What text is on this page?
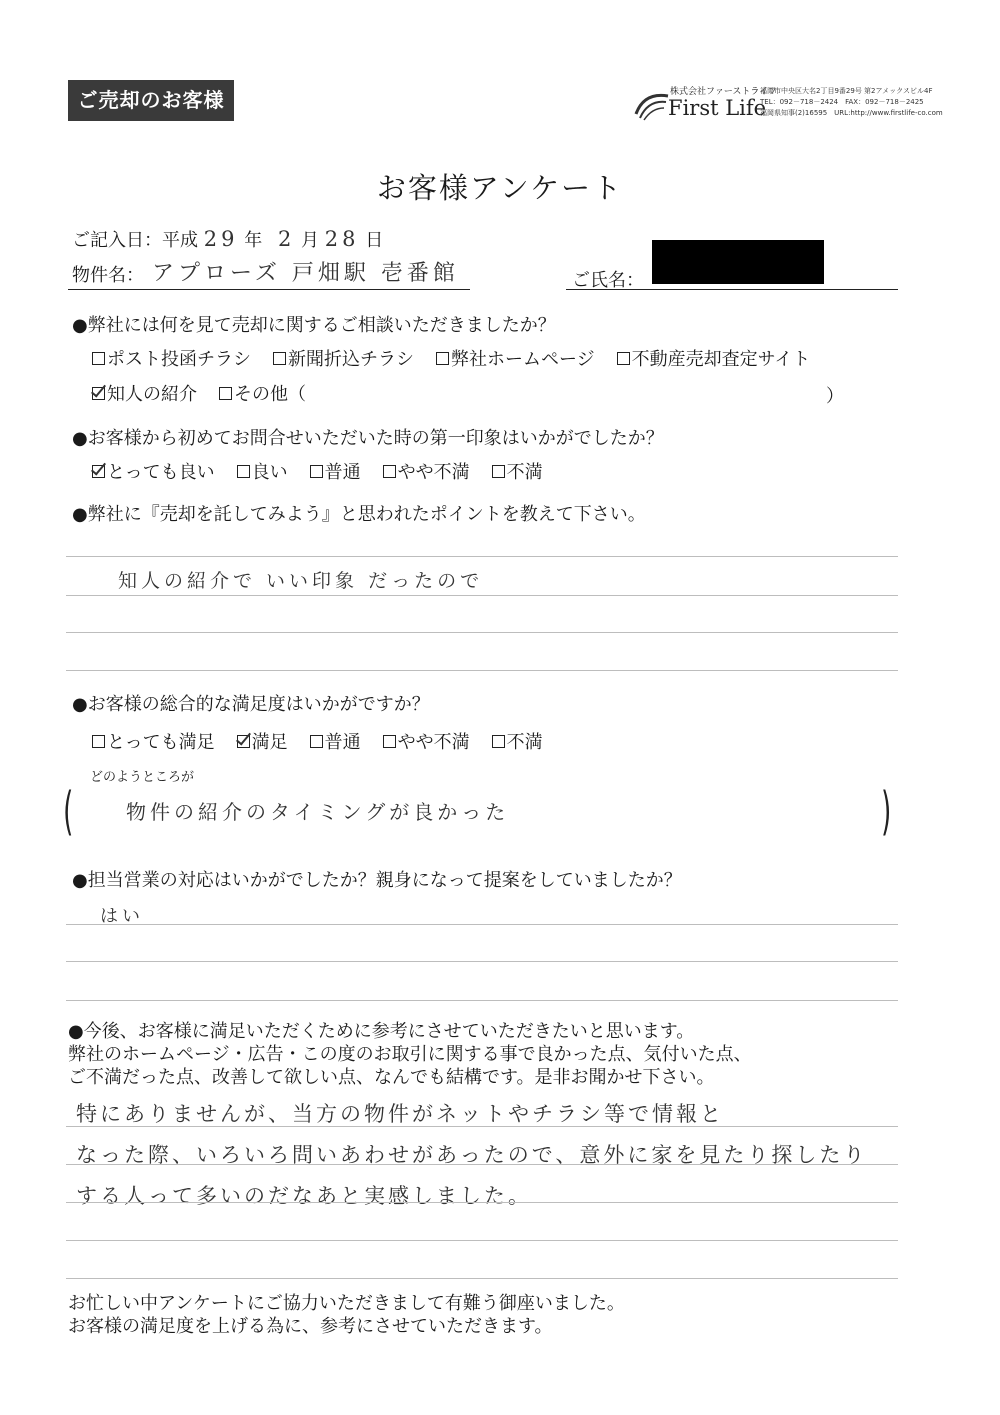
ご売却のお客様	株式会社ファーストライフ
First Life
福岡市中央区大名2丁目9番29号 第2アメックスビル4F
TEL：092－718－2424　FAX：092－718－2425
福岡県知事(2)16595　URL:http://www.firstlife-co.com
お客様アンケート
ご記入日：平成 29 年 2 月 28 日
物件名： アプローズ 戸畑駅 壱番館	ご氏名：
●弊社には何を見て売却に関するご相談いただきましたか？
ポスト投函チラシ 新聞折込チラシ 弊社ホームページ 不動産売却査定サイト
知人の紹介 その他（	）
●お客様から初めてお問合せいただいた時の第一印象はいかがでしたか？
とっても良い 良い 普通 やや不満 不満
●弊社に『売却を託してみよう』と思われたポイントを教えて下さい。
知人の紹介で いい印象 だったので
●お客様の総合的な満足度はいかがですか？
とっても満足 満足 普通 やや不満 不満
どのようところが
(	物件の紹介のタイミングが良かった	)
●担当営業の対応はいかがでしたか？親身になって提案をしていましたか？
はい
●今後、お客様に満足いただくために参考にさせていただきたいと思います。
弊社のホームページ・広告・この度のお取引に関する事で良かった点、気付いた点、
ご不満だった点、改善して欲しい点、なんでも結構です。是非お聞かせ下さい。
特にありませんが、当方の物件がネットやチラシ等で情報と
なった際、いろいろ問いあわせがあったので、意外に家を見たり探したり
する人って多いのだなあと実感しました。
お忙しい中アンケートにご協力いただきまして有難う御座いました。
お客様の満足度を上げる為に、参考にさせていただきます。
